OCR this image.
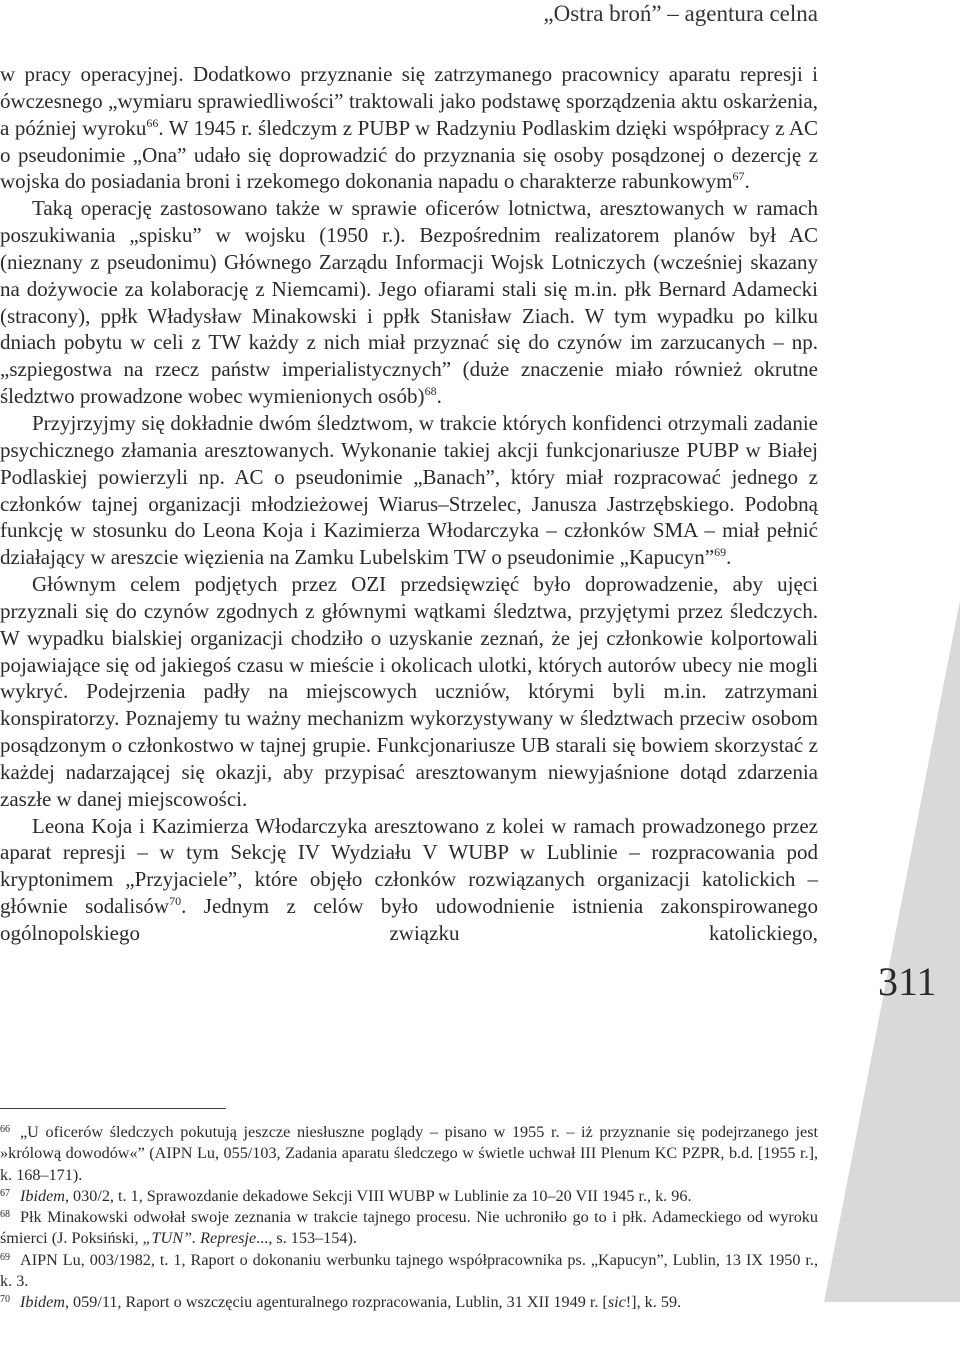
„Ostra broń” – agentura celna

w pracy operacyjnej. Dodatkowo przyznanie się zatrzymanego pracownicy aparatu represji i ówczesnego „wymiaru sprawiedliwości” traktowali jako podstawę sporządzenia aktu oskarżenia, a później wyroku$^{66}$. W 1945 r. śledczym z PUBP w Radzyniu Podlaskim dzięki współpracy z AC o pseudonimie „Ona” udało się doprowadzić do przyznania się osoby posądzonej o dezercję z wojska do posiadania broni i rzekomego dokonania napadu o charakterze rabunkowym$^{67}$.

Taką operację zastosowano także w sprawie oficerów lotnictwa, aresztowanych w ramach poszukiwania „spisku” w wojsku (1950 r.). Bezpośrednim realizatorem planów był AC (nieznany z pseudonimu) Głównego Zarządu Informacji Wojsk Lotniczych (wcześniej skazany na dożywocie za kolaborację z Niemcami). Jego ofiarami stali się m.in. płk Bernard Adamecki (stracony), ppłk Władysław Minakowski i ppłk Stanisław Ziach. W tym wypadku po kilku dniach pobytu w celi z TW każdy z nich miał przyznać się do czynów im zarzucanych – np. „szpiegostwa na rzecz państw imperialistycznych” (duże znaczenie miało również okrutne śledztwo prowadzone wobec wymienionych osób)$^{68}$.

Przyjrzyjmy się dokładnie dwóm śledztwom, w trakcie których konfidenci otrzymali zadanie psychicznego złamania aresztowanych. Wykonanie takiej akcji funkcjonariusze PUBP w Białej Podlaskiej powierzyli np. AC o pseudonimie „Banach”, który miał rozpracować jednego z członków tajnej organizacji młodzieżowej Wiarus–Strzelec, Janusza Jastrzębskiego. Podobną funkcję w stosunku do Leona Koja i Kazimierza Włodarczyka – członków SMA – miał pełnić działający w areszcie więzienia na Zamku Lubelskim TW o pseudonimie „Kapucyn”$^{69}$.

Głównym celem podjętych przez OZI przedsięwzięć było doprowadzenie, aby ujęci przyznali się do czynów zgodnych z głównymi wątkami śledztwa, przyjętymi przez śledczych. W wypadku bialskiej organizacji chodziło o uzyskanie zeznań, że jej członkowie kolportowali pojawiające się od jakiegoś czasu w mieście i okolicach ulotki, których autorów ubecy nie mogli wykryć. Podejrzenia padły na miejscowych uczniów, którymi byli m.in. zatrzymani konspiratorzy. Poznajemy tu ważny mechanizm wykorzystywany w śledztwach przeciw osobom posądzonym o członkostwo w tajnej grupie. Funkcjonariusze UB starali się bowiem skorzystać z każdej nadarzającej się okazji, aby przypisać aresztowanym niewyjaśnione dotąd zdarzenia zaszłe w danej miejscowości.

Leona Koja i Kazimierza Włodarczyka aresztowano z kolei w ramach prowadzonego przez aparat represji – w tym Sekcję IV Wydziału V WUBP w Lublinie – rozpracowania pod kryptonimem „Przyjaciele”, które objęło członków rozwiązanych organizacji katolickich – głównie sodalisów$^{70}$. Jednym z celów było udowodnienie istnienia zakonspirowanego ogólnopolskiego związku katolickiego,

311

$^{66}$ „U oficerów śledczych pokutują jeszcze niesłuszne poglądy – pisano w 1955 r. – iż przyznanie się podejrzanego jest »królową dowodów«” (AIPN Lu, 055/103, Zadania aparatu śledczego w świetle uchwał III Plenum KC PZPR, b.d. [1955 r.], k. 168–171).

$^{67}$ Ibidem, 030/2, t. 1, Sprawozdanie dekadowe Sekcji VIII WUBP w Lublinie za 10–20 VII 1945 r., k. 96.

$^{68}$ Płk Minakowski odwołał swoje zeznania w trakcie tajnego procesu. Nie uchroniło go to i płk. Adameckiego od wyroku śmierci (J. Poksiński, „TUN”. Represje..., s. 153–154).

$^{69}$ AIPN Lu, 003/1982, t. 1, Raport o dokonaniu werbunku tajnego współpracownika ps. „Kapucyn”, Lublin, 13 IX 1950 r., k. 3.

$^{70}$ Ibidem, 059/11, Raport o wszczęciu agenturalnego rozpracowania, Lublin, 31 XII 1949 r. [sic!], k. 59.
